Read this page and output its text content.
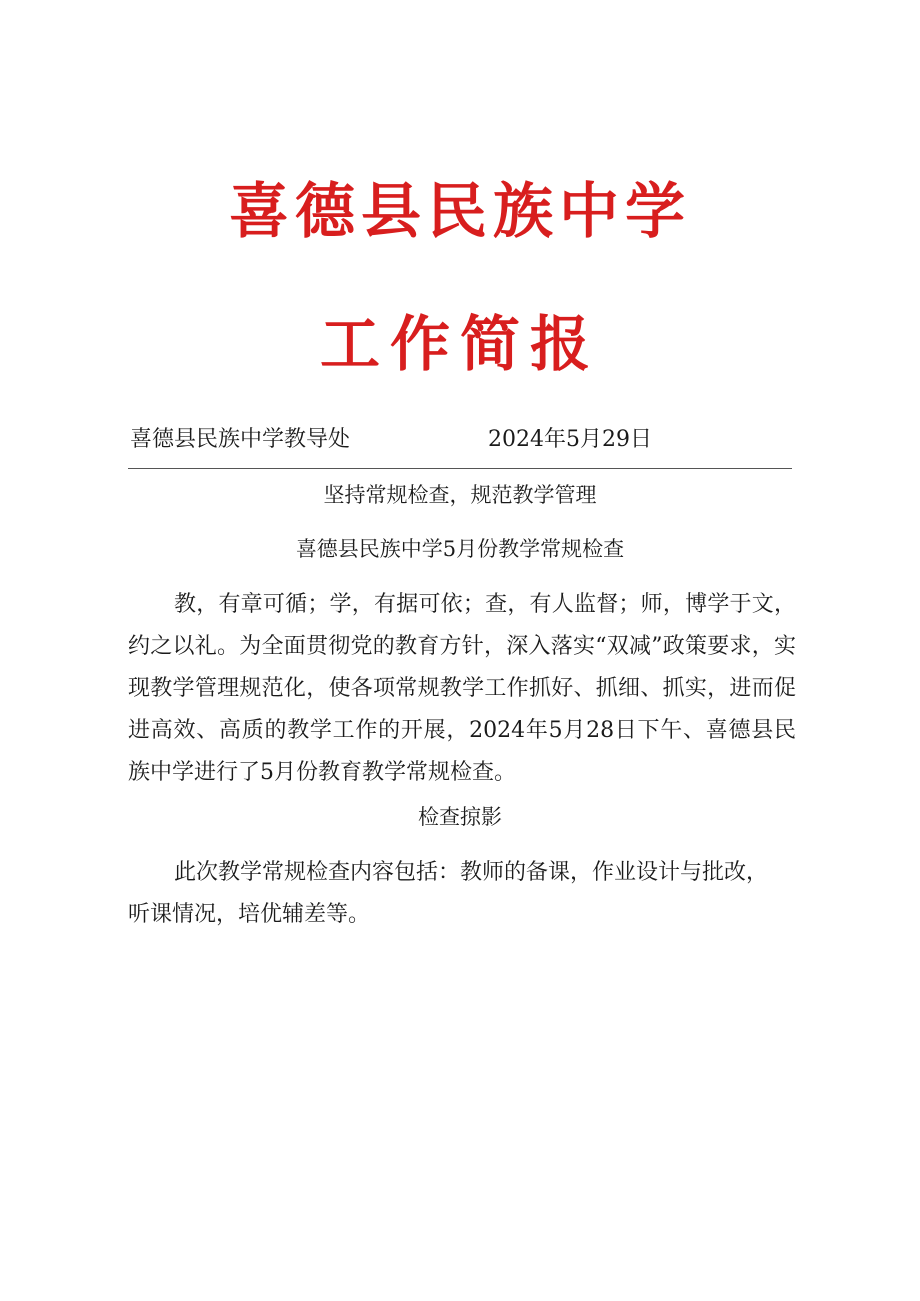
喜德县民族中学
工作简报
喜德县民族中学教导处	2024年5月29日
坚持常规检查，规范教学管理
喜德县民族中学5月份教学常规检查

教，有章可循；学，有据可依；查，有人监督；师，博学于文，约之以礼。为全面贯彻党的教育方针，深入落实“双减”政策要求，实现教学管理规范化，使各项常规教学工作抓好、抓细、抓实，进而促进高效、高质的教学工作的开展，2024年5月28日下午、喜德县民族中学进行了5月份教育教学常规检查。

检查掠影

此次教学常规检查内容包括：教师的备课，作业设计与批改，听课情况，培优辅差等。
